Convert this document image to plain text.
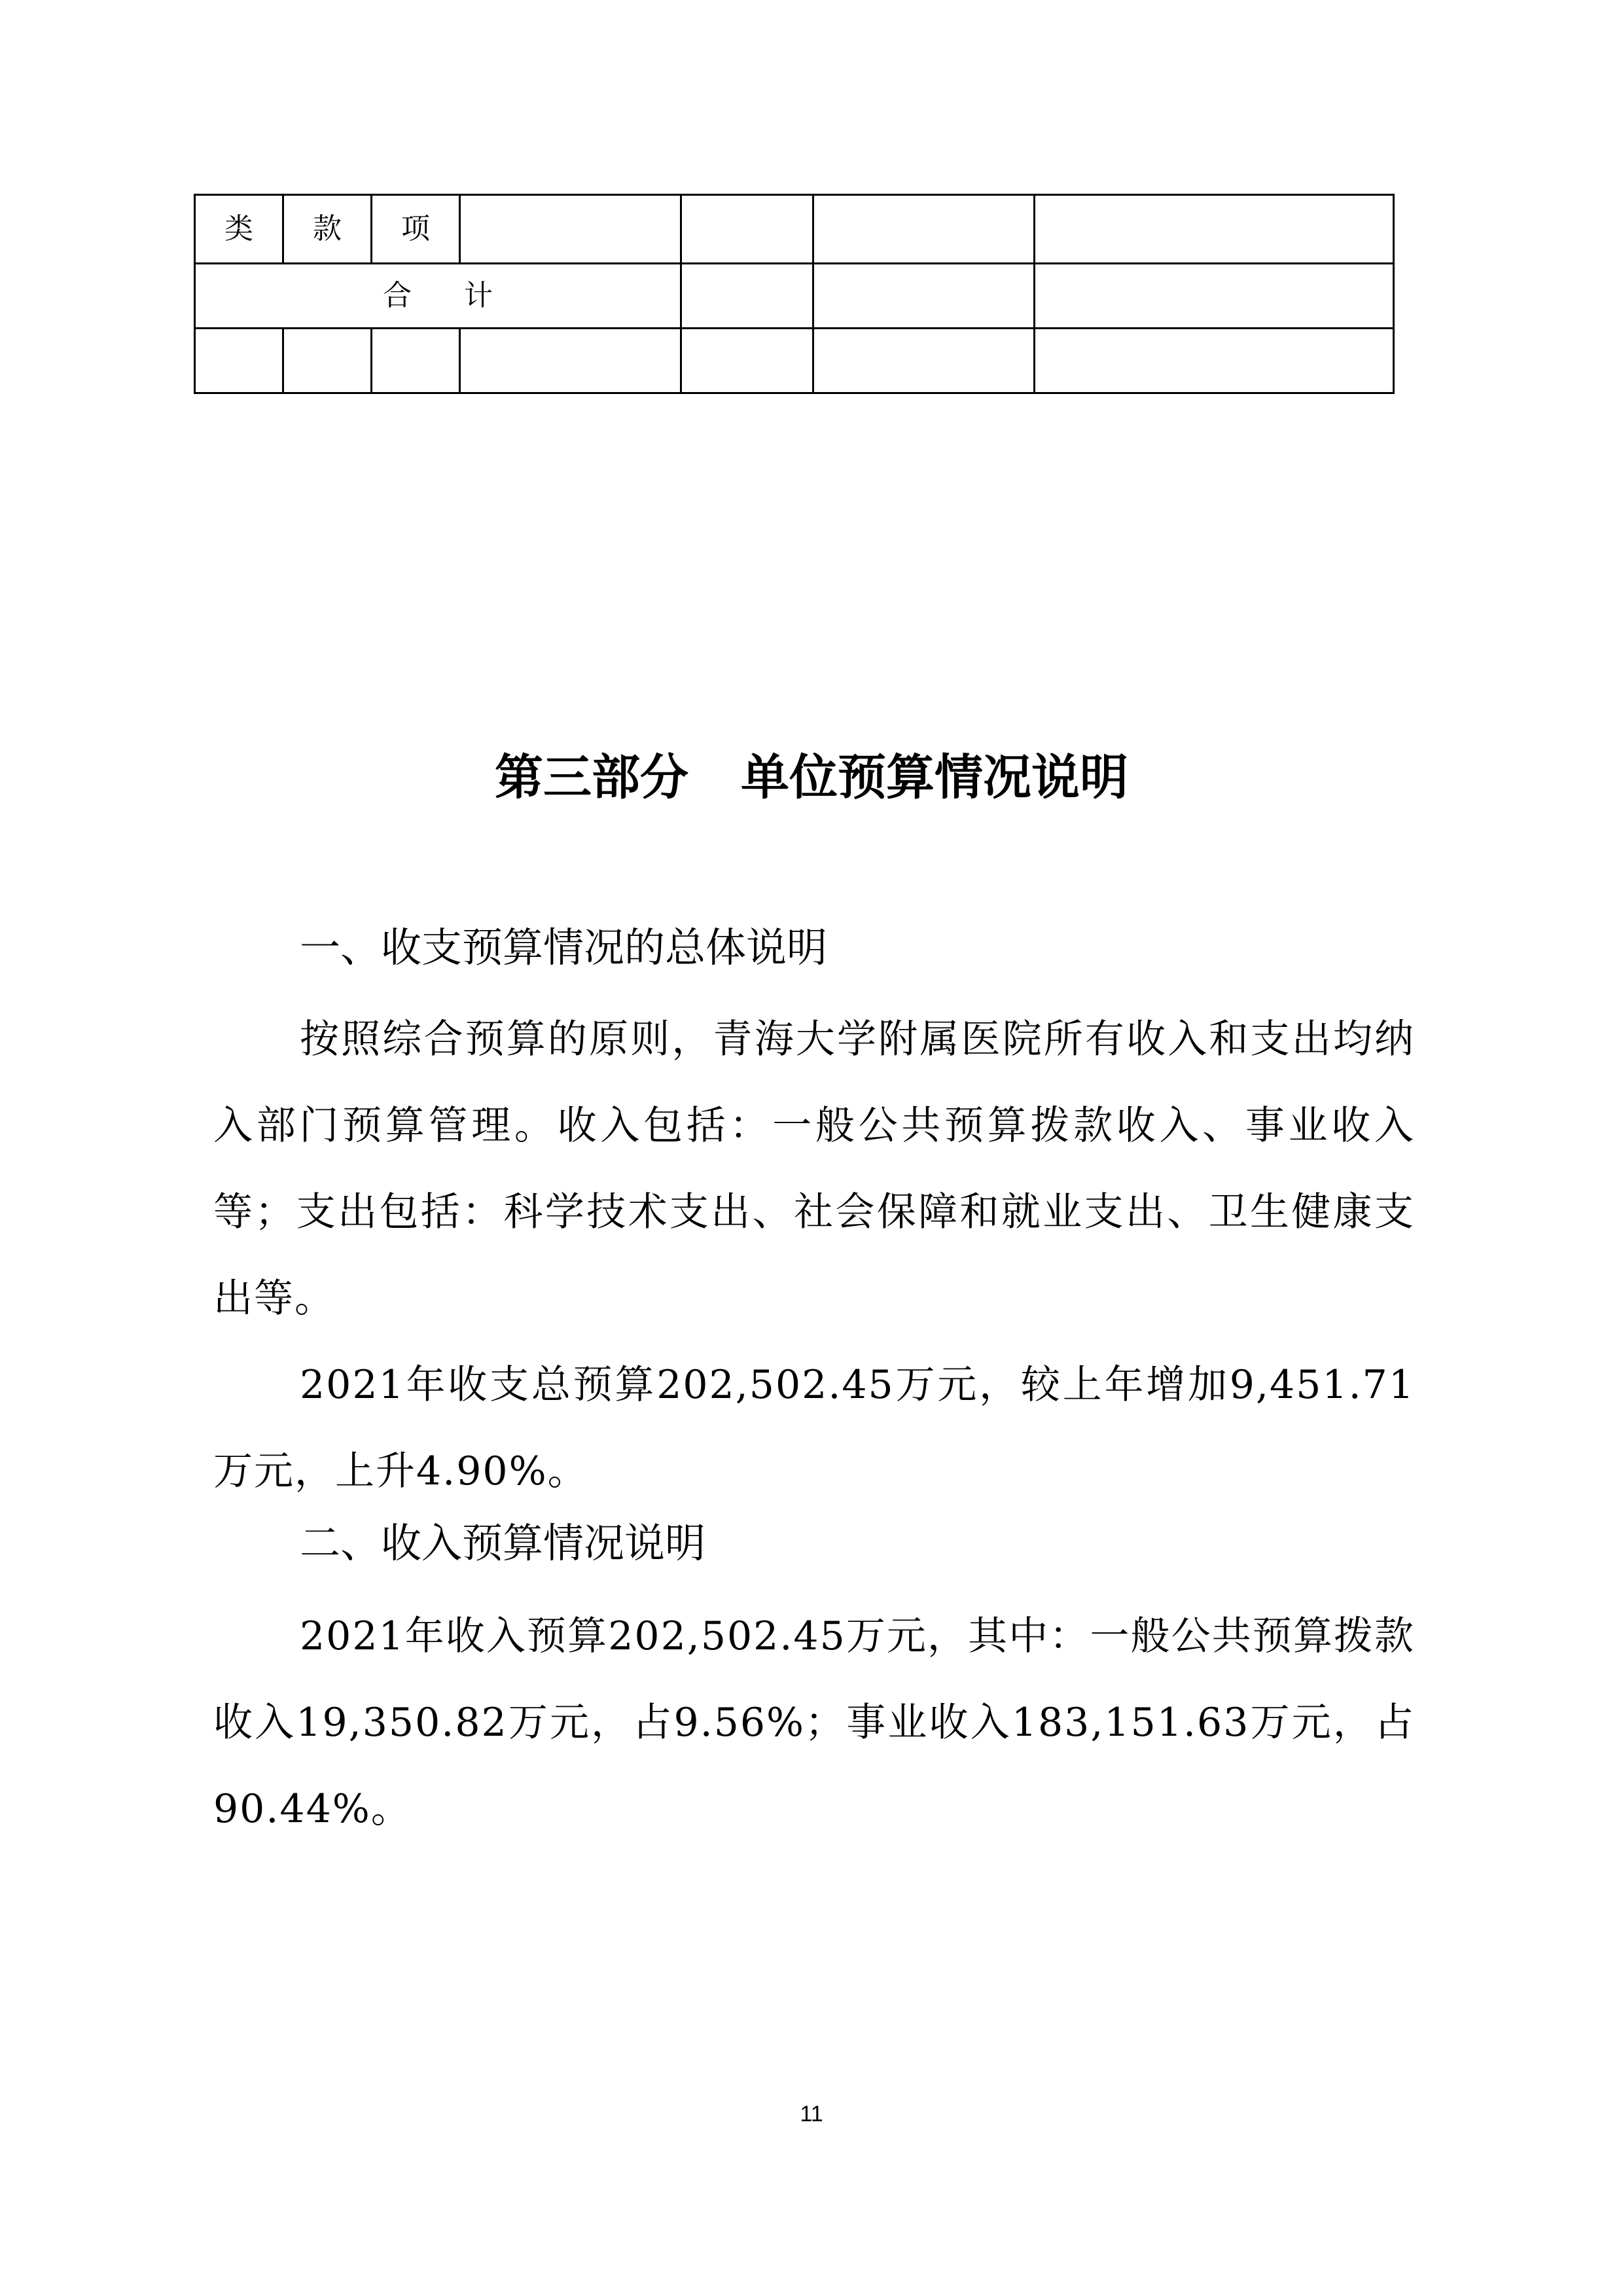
类	款	项				
合计						

第三部分 单位预算情况说明
一、收支预算情况的总体说明

按照综合预算的原则，青海大学附属医院所有收入和支出均纳入部门预算管理。收入包括：一般公共预算拨款收入、事业收入等；支出包括：科学技术支出、社会保障和就业支出、卫生健康支出等。

2021年收支总预算202,502.45万元，较上年增加9,451.71万元，上升4.90%。

二、收入预算情况说明

2021年收入预算202,502.45万元，其中：一般公共预算拨款收入19,350.82万元，占9.56%；事业收入183,151.63万元，占90.44%。

11
